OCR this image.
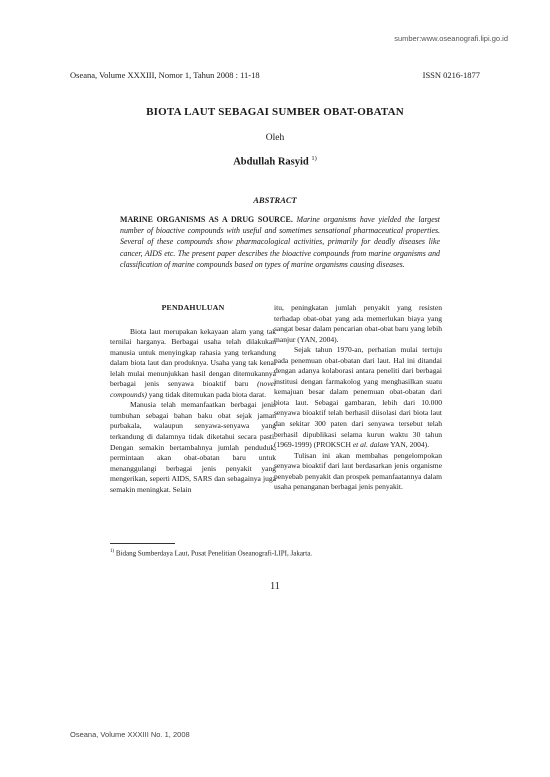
sumber:www.oseanografi.lipi.go.id
Oseana, Volume XXXIII, Nomor 1, Tahun 2008 : 11-18	ISSN 0216-1877
BIOTA LAUT SEBAGAI SUMBER OBAT-OBATAN
Oleh
Abdullah Rasyid $^{1)}$
ABSTRACT
MARINE ORGANISMS AS A DRUG SOURCE. Marine organisms have yielded the largest number of bioactive compounds with useful and sometimes sensational pharmaceutical properties. Several of these compounds show pharmacological activities, primarily for deadly diseases like cancer, AIDS etc. The present paper describes the bioactive compounds from marine organisms and classification of marine compounds based on types of marine organisms causing diseases.
PENDAHULUAN

Biota laut merupakan kekayaan alam yang tak ternilai harganya. Berbagai usaha telah dilakukan manusia untuk menyingkap rahasia yang terkandung dalam biota laut dan produknya. Usaha yang tak kenal lelah mulai menunjukkan hasil dengan ditemukannya berbagai jenis senyawa bioaktif baru (novel compounds) yang tidak ditemukan pada biota darat.

Manusia telah memanfaatkan berbagai jenis tumbuhan sebagai bahan baku obat sejak jaman purbakala, walaupun senyawa-senyawa yang terkandung di dalamnya tidak diketahui secara pasti. Dengan semakin bertambahnya jumlah penduduk, permintaan akan obat-obatan baru untuk menanggulangi berbagai jenis penyakit yang mengerikan, seperti AIDS, SARS dan sebagainya juga semakin meningkat. Selain

itu, peningkatan jumlah penyakit yang resisten terhadap obat-obat yang ada memerlukan biaya yang sangat besar dalam pencarian obat-obat baru yang lebih manjur (YAN, 2004).

Sejak tahun 1970-an, perhatian mulai tertuju pada penemuan obat-obatan dari laut. Hal ini ditandai dengan adanya kolaborasi antara peneliti dari berbagai institusi dengan farmakolog yang menghasilkan suatu kemajuan besar dalam penemuan obat-obatan dari biota laut. Sebagai gambaran, lebih dari 10.000 senyawa bioaktif telah berhasil diisolasi dari biota laut dan sekitar 300 paten dari senyawa tersebut telah berhasil dipublikasi selama kurun waktu 30 tahun (1969-1999) (PROKSCH et al. dalam YAN, 2004).

Tulisan ini akan membahas pengelompokan senyawa bioaktif dari laut berdasarkan jenis organisme penyebab penyakit dan prospek pemanfaatannya dalam usaha penanganan berbagai jenis penyakit.

$^{1)}$ Bidang Sumberdaya Laut, Pusat Penelitian Oseanografi-LIPI, Jakarta.
11
Oseana, Volume XXXIII No. 1, 2008
